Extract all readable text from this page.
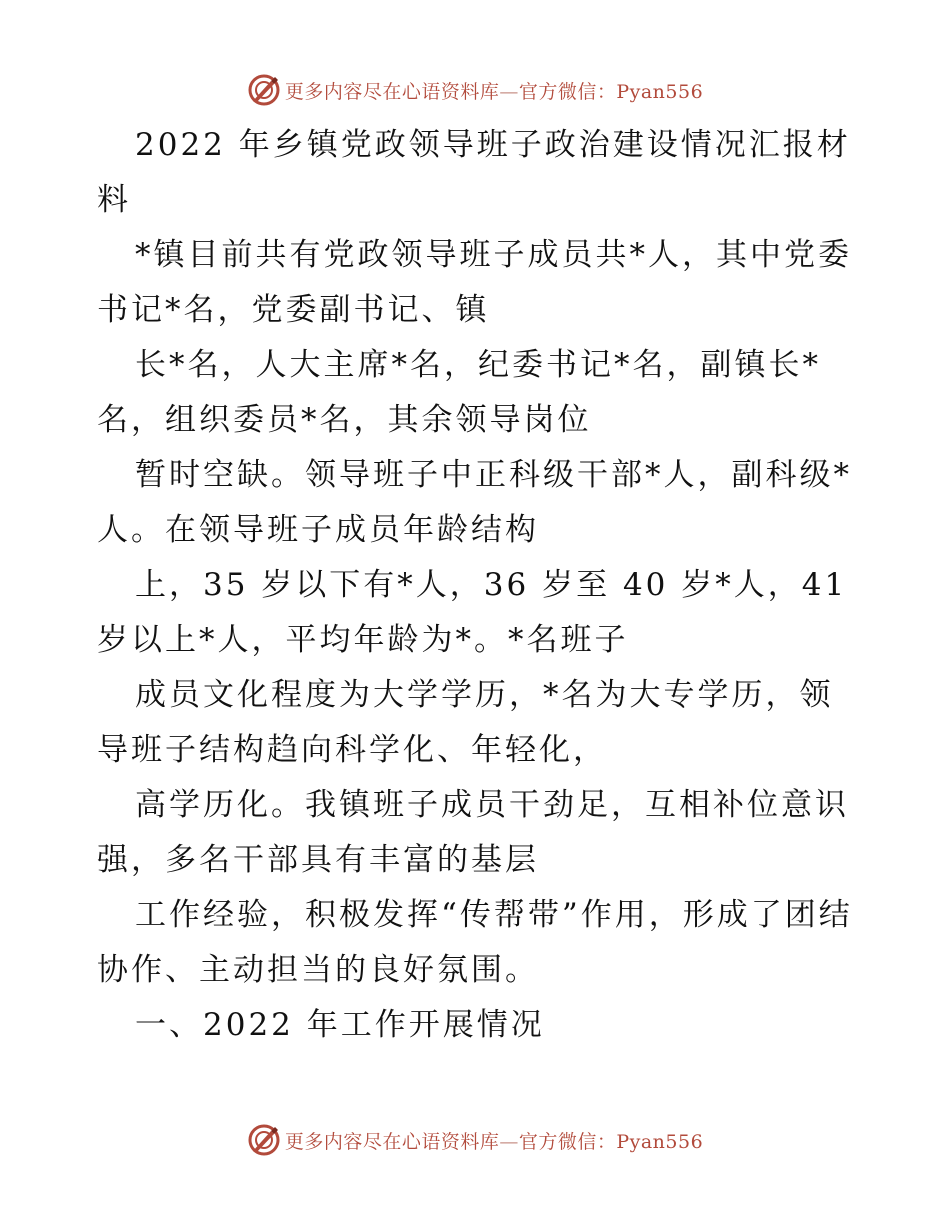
更多内容尽在心语资料库—官方微信：Pyan556

2022 年乡镇党政领导班子政治建设情况汇报材料

*镇目前共有党政领导班子成员共*人，其中党委书记*名，党委副书记、镇

长*名，人大主席*名，纪委书记*名，副镇长*名，组织委员*名，其余领导岗位

暂时空缺。领导班子中正科级干部*人，副科级*人。在领导班子成员年龄结构

上，35 岁以下有*人，36 岁至 40 岁*人，41 岁以上*人，平均年龄为*。*名班子

成员文化程度为大学学历，*名为大专学历，领导班子结构趋向科学化、年轻化，

高学历化。我镇班子成员干劲足，互相补位意识强，多名干部具有丰富的基层

工作经验，积极发挥“传帮带”作用，形成了团结协作、主动担当的良好氛围。

一、2022 年工作开展情况

更多内容尽在心语资料库—官方微信：Pyan556
